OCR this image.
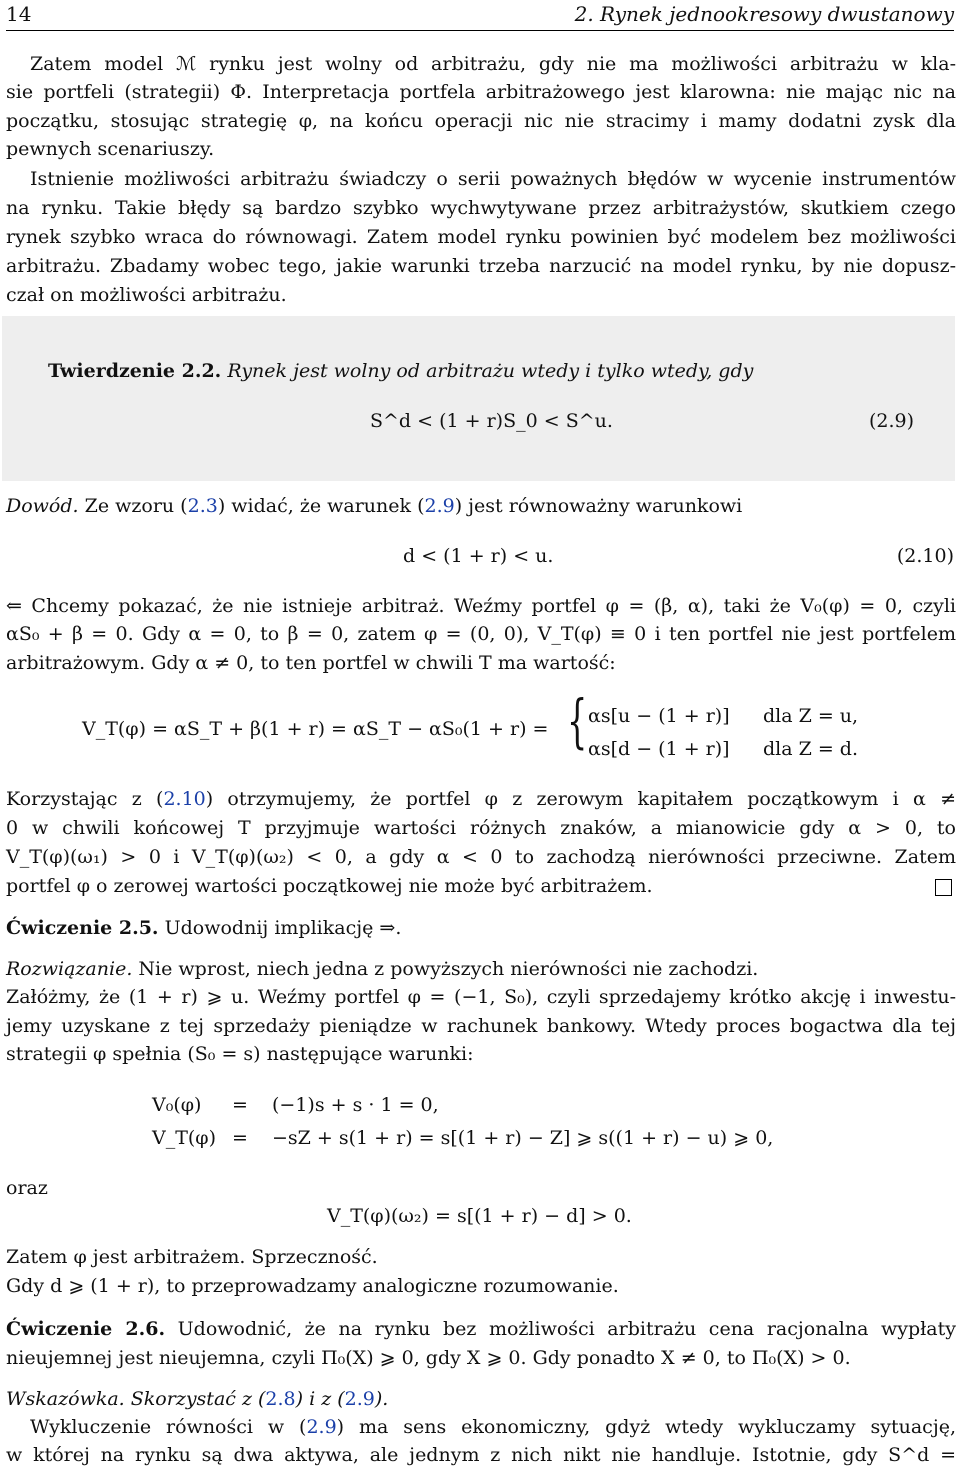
14	2. Rynek jednookresowy dwustanowy
Zatem model ℳ rynku jest wolny od arbitrażu, gdy nie ma możliwości arbitrażu w kla-
sie portfeli (strategii) Φ. Interpretacja portfela arbitrażowego jest klarowna: nie mając nic na
początku, stosując strategię φ, na końcu operacji nic nie stracimy i mamy dodatni zysk dla
pewnych scenariuszy.
Istnienie możliwości arbitrażu świadczy o serii poważnych błędów w wycenie instrumentów
na rynku. Takie błędy są bardzo szybko wychwytywane przez arbitrażystów, skutkiem czego
rynek szybko wraca do równowagi. Zatem model rynku powinien być modelem bez możliwości
arbitrażu. Zbadamy wobec tego, jakie warunki trzeba narzucić na model rynku, by nie dopusz-
czał on możliwości arbitrażu.
Twierdzenie 2.2. Rynek jest wolny od arbitrażu wtedy i tylko wtedy, gdy
S^d < (1 + r)S_0 < S^u.	(2.9)
Dowód. Ze wzoru (2.3) widać, że warunek (2.9) jest równoważny warunkowi
d < (1 + r) < u.	(2.10)
⇐ Chcemy pokazać, że nie istnieje arbitraż. Weźmy portfel φ = (β, α), taki że V₀(φ) = 0, czyli
αS₀ + β = 0. Gdy α = 0, to β = 0, zatem φ = (0, 0), V_T(φ) ≡ 0 i ten portfel nie jest portfelem
arbitrażowym. Gdy α ≠ 0, to ten portfel w chwili T ma wartość:
V_T(φ) = αS_T + β(1 + r) = αS_T − αS₀(1 + r) = { αs[u − (1 + r)] dla Z = u,
αs[d − (1 + r)] dla Z = d.
Korzystając z (2.10) otrzymujemy, że portfel φ z zerowym kapitałem początkowym i α ≠
0 w chwili końcowej T przyjmuje wartości różnych znaków, a mianowicie gdy α > 0, to
V_T(φ)(ω₁) > 0 i V_T(φ)(ω₂) < 0, a gdy α < 0 to zachodzą nierówności przeciwne. Zatem
portfel φ o zerowej wartości początkowej nie może być arbitrażem.
Ćwiczenie 2.5. Udowodnij implikację ⇒.
Rozwiązanie. Nie wprost, niech jedna z powyższych nierówności nie zachodzi.
Załóżmy, że (1 + r) ⩾ u. Weźmy portfel φ = (−1, S₀), czyli sprzedajemy krótko akcję i inwestu-
jemy uzyskane z tej sprzedaży pieniądze w rachunek bankowy. Wtedy proces bogactwa dla tej
strategii φ spełnia (S₀ = s) następujące warunki:
V₀(φ) = (−1)s + s · 1 = 0,
V_T(φ) = −sZ + s(1 + r) = s[(1 + r) − Z] ⩾ s((1 + r) − u) ⩾ 0,
oraz
V_T(φ)(ω₂) = s[(1 + r) − d] > 0.
Zatem φ jest arbitrażem. Sprzeczność.
Gdy d ⩾ (1 + r), to przeprowadzamy analogiczne rozumowanie.
Ćwiczenie 2.6. Udowodnić, że na rynku bez możliwości arbitrażu cena racjonalna wypłaty
nieujemnej jest nieujemna, czyli Π₀(X) ⩾ 0, gdy X ⩾ 0. Gdy ponadto X ≠ 0, to Π₀(X) > 0.
Wskazówka. Skorzystać z (2.8) i z (2.9).
Wykluczenie równości w (2.9) ma sens ekonomiczny, gdyż wtedy wykluczamy sytuację,
w której na rynku są dwa aktywa, ale jednym z nich nikt nie handluje. Istotnie, gdy S^d =
